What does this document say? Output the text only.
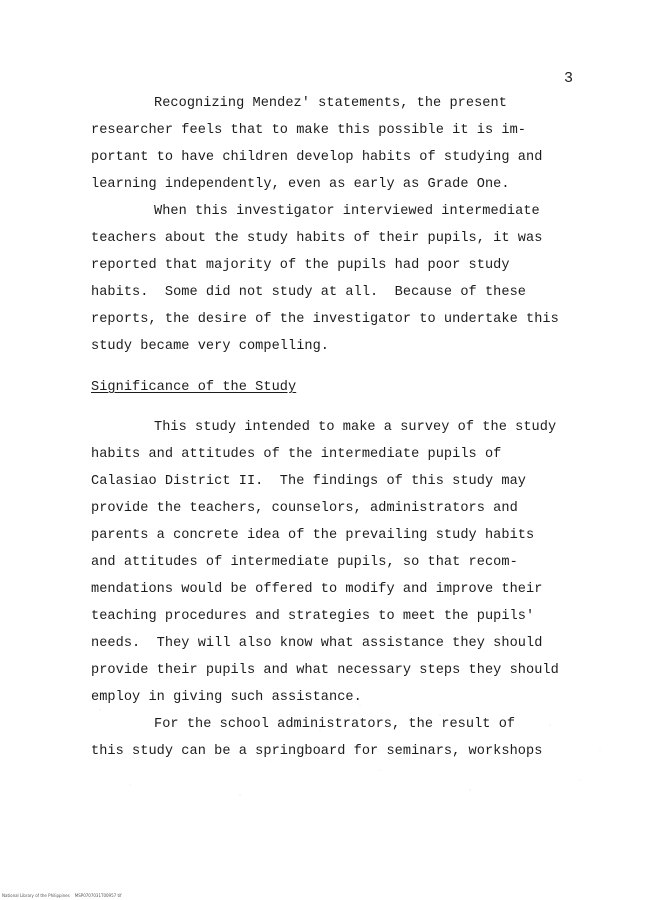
3
Recognizing Mendez' statements, the present
researcher feels that to make this possible it is im-
portant to have children develop habits of studying and
learning independently, even as early as Grade One.
When this investigator interviewed intermediate
teachers about the study habits of their pupils, it was
reported that majority of the pupils had poor study
habits.  Some did not study at all.  Because of these
reports, the desire of the investigator to undertake this
study became very compelling.
Significance of the Study
This study intended to make a survey of the study
habits and attitudes of the intermediate pupils of
Calasiao District II.  The findings of this study may
provide the teachers, counselors, administrators and
parents a concrete idea of the prevailing study habits
and attitudes of intermediate pupils, so that recom-
mendations would be offered to modify and improve their
teaching procedures and strategies to meet the pupils'
needs.  They will also know what assistance they should
provide their pupils and what necessary steps they should
employ in giving such assistance.
For the school administrators, the result of
this study can be a springboard for seminars, workshops
National Library of the Philippines    MSP0707031T00957 tif
